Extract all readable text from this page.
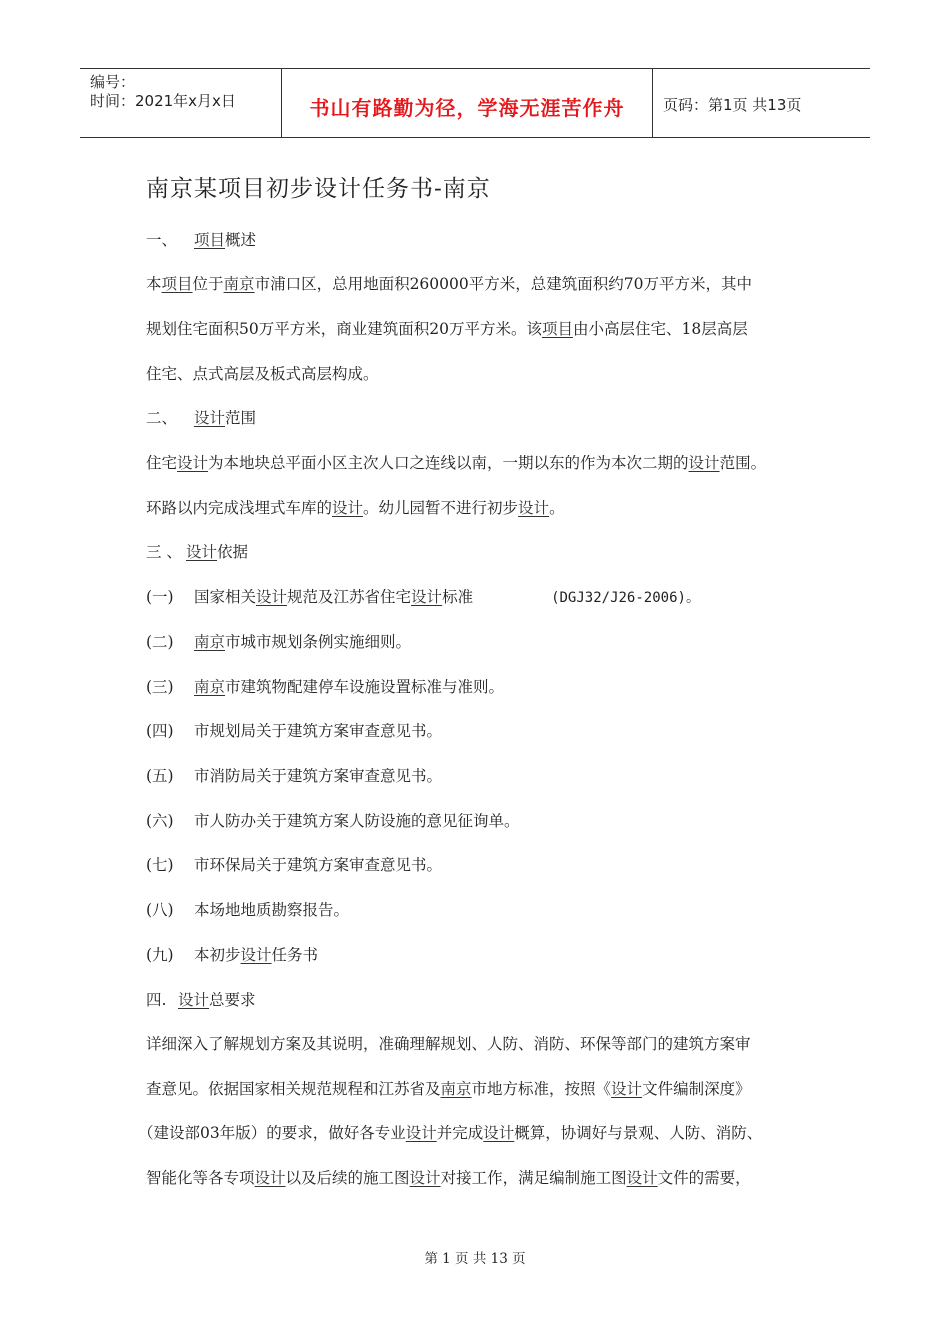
编号：
时间：2021年x月x日	书山有路勤为径，学海无涯苦作舟	页码：第1页 共13页
南京某项目初步设计任务书-南京
一、 项目概述
本项目位于南京市浦口区，总用地面积260000平方米，总建筑面积约70万平方米，其中
规划住宅面积50万平方米，商业建筑面积20万平方米。该项目由小高层住宅、18层高层
住宅、点式高层及板式高层构成。
二、 设计范围
住宅设计为本地块总平面小区主次人口之连线以南，一期以东的作为本次二期的设计范围。
环路以内完成浅埋式车库的设计。幼儿园暂不进行初步设计。
三 、 设计依据
(一) 国家相关设计规范及江苏省住宅设计标准	(DGJ32/J26-2006)。
(二) 南京市城市规划条例实施细则。
(三) 南京市建筑物配建停车设施设置标准与准则。
(四) 市规划局关于建筑方案审查意见书。
(五) 市消防局关于建筑方案审查意见书。
(六) 市人防办关于建筑方案人防设施的意见征询单。
(七) 市环保局关于建筑方案审查意见书。
(八) 本场地地质勘察报告。
(九) 本初步设计任务书
四. 设计总要求
详细深入了解规划方案及其说明，准确理解规划、人防、消防、环保等部门的建筑方案审
查意见。依据国家相关规范规程和江苏省及南京市地方标准，按照《设计文件编制深度》
（建设部03年版）的要求，做好各专业设计并完成设计概算，协调好与景观、人防、消防、
智能化等各专项设计以及后续的施工图设计对接工作，满足编制施工图设计文件的需要，
第 1 页 共 13 页
